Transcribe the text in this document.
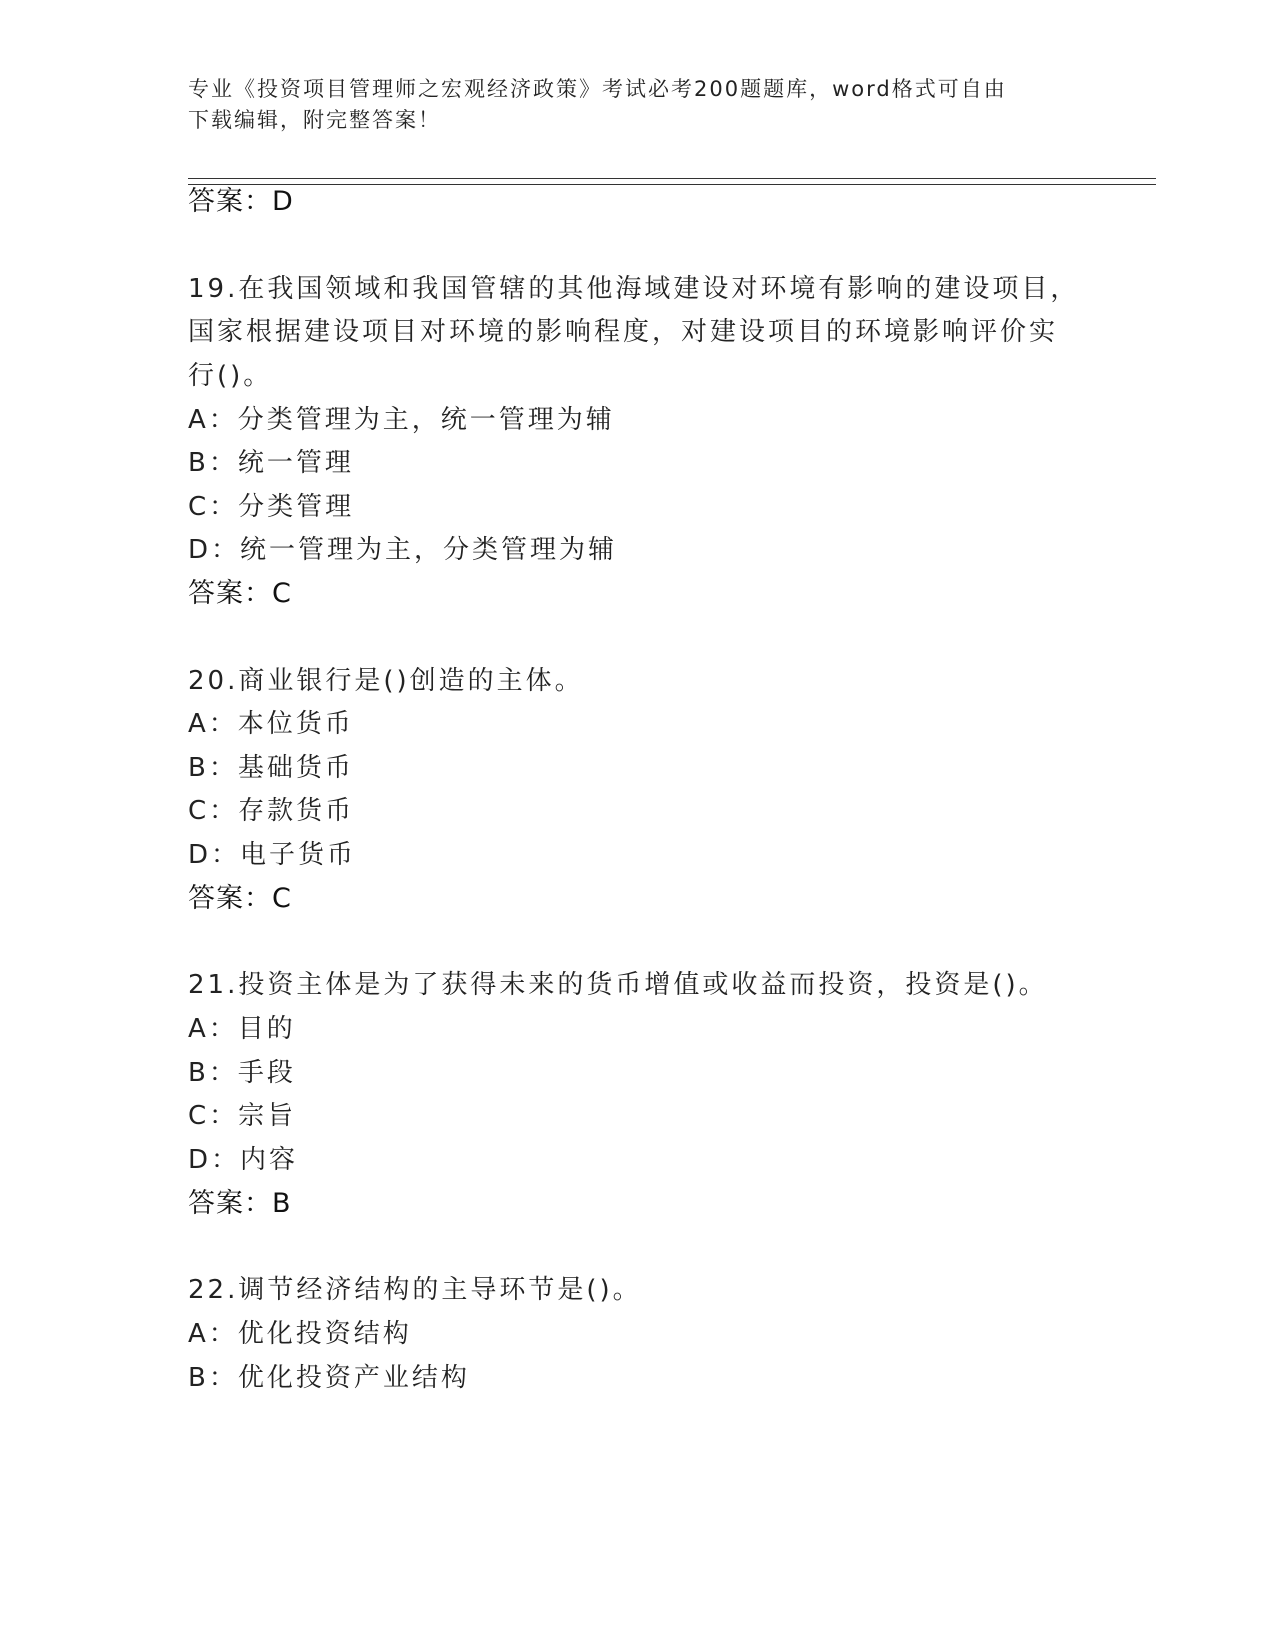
专业《投资项目管理师之宏观经济政策》考试必考200题题库，word格式可自由
下载编辑，附完整答案！
答案：D
19.在我国领域和我国管辖的其他海域建设对环境有影响的建设项目，
国家根据建设项目对环境的影响程度，对建设项目的环境影响评价实
行()。
A：分类管理为主，统一管理为辅
B：统一管理
C：分类管理
D：统一管理为主，分类管理为辅
答案：C
20.商业银行是()创造的主体。
A：本位货币
B：基础货币
C：存款货币
D：电子货币
答案：C
21.投资主体是为了获得未来的货币增值或收益而投资，投资是()。
A：目的
B：手段
C：宗旨
D：内容
答案：B
22.调节经济结构的主导环节是()。
A：优化投资结构
B：优化投资产业结构
